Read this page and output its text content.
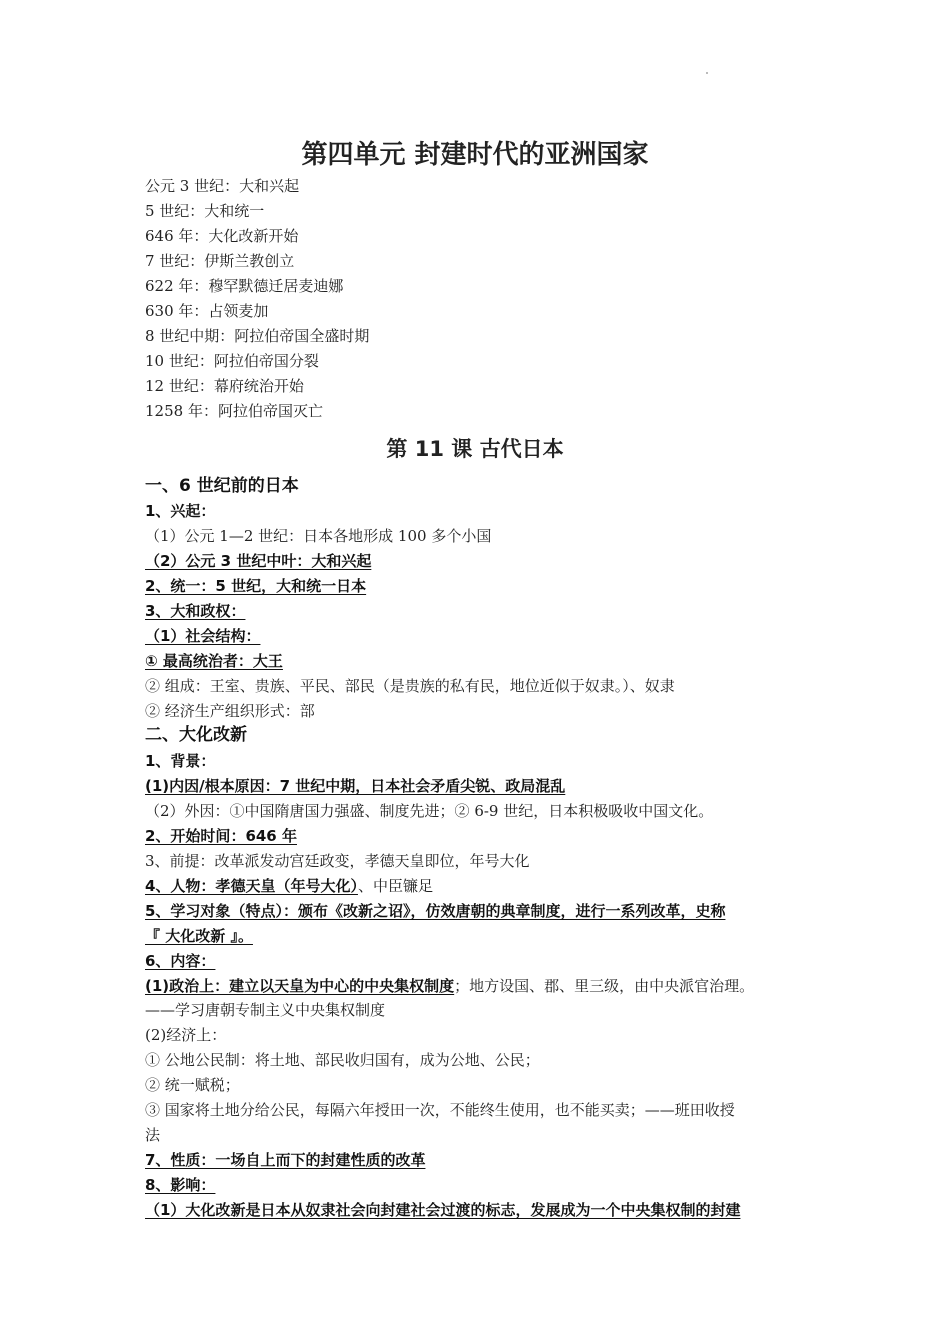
第四单元 封建时代的亚洲国家
公元 3 世纪：大和兴起
5 世纪：大和统一
646 年：大化改新开始
7 世纪：伊斯兰教创立
622 年：穆罕默德迁居麦迪娜
630 年：占领麦加
8 世纪中期：阿拉伯帝国全盛时期
10 世纪：阿拉伯帝国分裂
12 世纪：幕府统治开始
1258 年：阿拉伯帝国灭亡
第 11 课 古代日本
一、6 世纪前的日本
1、兴起：
（1）公元 1—2 世纪：日本各地形成 100 多个小国
（2）公元 3 世纪中叶：大和兴起
2、统一：5 世纪，大和统一日本
3、大和政权：
（1）社会结构：
① 最高统治者：大王
② 组成：王室、贵族、平民、部民（是贵族的私有民，地位近似于奴隶。）、奴隶
② 经济生产组织形式：部
二、大化改新
1、背景：
(1)内因/根本原因：7 世纪中期，日本社会矛盾尖锐、政局混乱
（2）外因：①中国隋唐国力强盛、制度先进；② 6-9 世纪，日本积极吸收中国文化。
2、开始时间：646 年
3、前提：改革派发动宫廷政变，孝德天皇即位，年号大化
4、人物：孝德天皇（年号大化）、中臣镰足
5、学习对象（特点）：颁布《改新之诏》，仿效唐朝的典章制度，进行一系列改革，史称
『 大化改新 』。
6、内容：
(1)政治上：建立以天皇为中心的中央集权制度；地方设国、郡、里三级，由中央派官治理。
——学习唐朝专制主义中央集权制度
(2)经济上：
① 公地公民制：将土地、部民收归国有，成为公地、公民；
② 统一赋税；
③ 国家将土地分给公民，每隔六年授田一次，不能终生使用，也不能买卖；——班田收授
法
7、性质：一场自上而下的封建性质的改革
8、影响：
（1）大化改新是日本从奴隶社会向封建社会过渡的标志，发展成为一个中央集权制的封建
